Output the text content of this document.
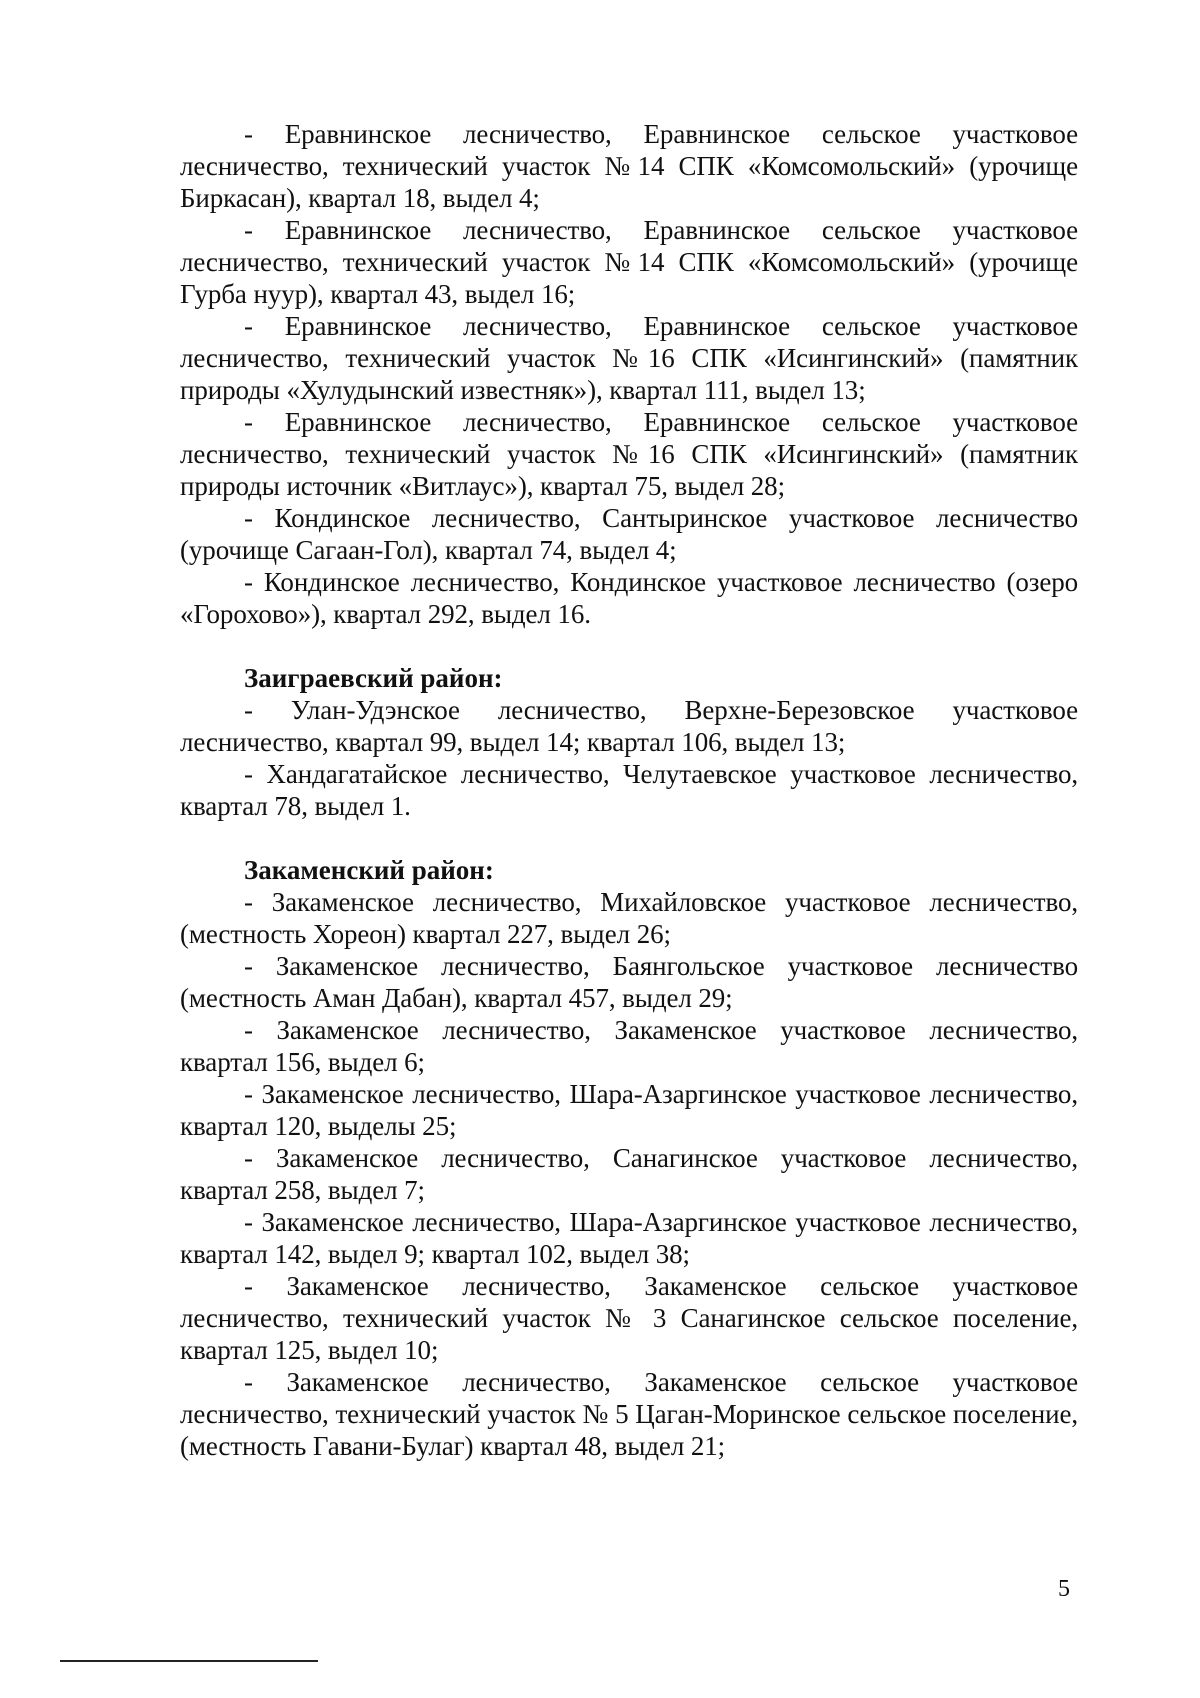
- Еравнинское лесничество, Еравнинское сельское участковое лесничество, технический участок №14 СПК «Комсомольский» (урочище Биркасан), квартал 18, выдел 4;

- Еравнинское лесничество, Еравнинское сельское участковое лесничество, технический участок №14 СПК «Комсомольский» (урочище Гурба нуур), квартал 43, выдел 16;

- Еравнинское лесничество, Еравнинское сельское участковое лесничество, технический участок №16 СПК «Исингинский» (памятник природы «Хулудынский известняк»), квартал 111, выдел 13;

- Еравнинское лесничество, Еравнинское сельское участковое лесничество, технический участок №16 СПК «Исингинский» (памятник природы источник «Витлаус»), квартал 75, выдел 28;

- Кондинское лесничество, Сантыринское участковое лесничество (урочище Сагаан-Гол), квартал 74, выдел 4;

- Кондинское лесничество, Кондинское участковое лесничество (озеро «Горохово»), квартал 292, выдел 16.

Заиграевский район:

- Улан-Удэнское лесничество, Верхне-Березовское участковое лесничество, квартал 99, выдел 14; квартал 106, выдел 13;

- Хандагатайское лесничество, Челутаевское участковое лесничество, квартал 78, выдел 1.

Закаменский район:

- Закаменское лесничество, Михайловское участковое лесничество, (местность Хореон) квартал 227, выдел 26;

- Закаменское лесничество, Баянгольское участковое лесничество (местность Аман Дабан), квартал 457, выдел 29;

- Закаменское лесничество, Закаменское участковое лесничество, квартал 156, выдел 6;

- Закаменское лесничество, Шара-Азаргинское участковое лесничество, квартал 120, выделы 25;

- Закаменское лесничество, Санагинское участковое лесничество, квартал 258, выдел 7;

- Закаменское лесничество, Шара-Азаргинское участковое лесничество, квартал 142, выдел 9; квартал 102, выдел 38;

- Закаменское лесничество, Закаменское сельское участковое лесничество, технический участок № 3 Санагинское сельское поселение, квартал 125, выдел 10;

- Закаменское лесничество, Закаменское сельское участковое лесничество, технический участок № 5 Цаган-Моринское сельское поселение, (местность Гавани-Булаг) квартал 48, выдел 21;

5
